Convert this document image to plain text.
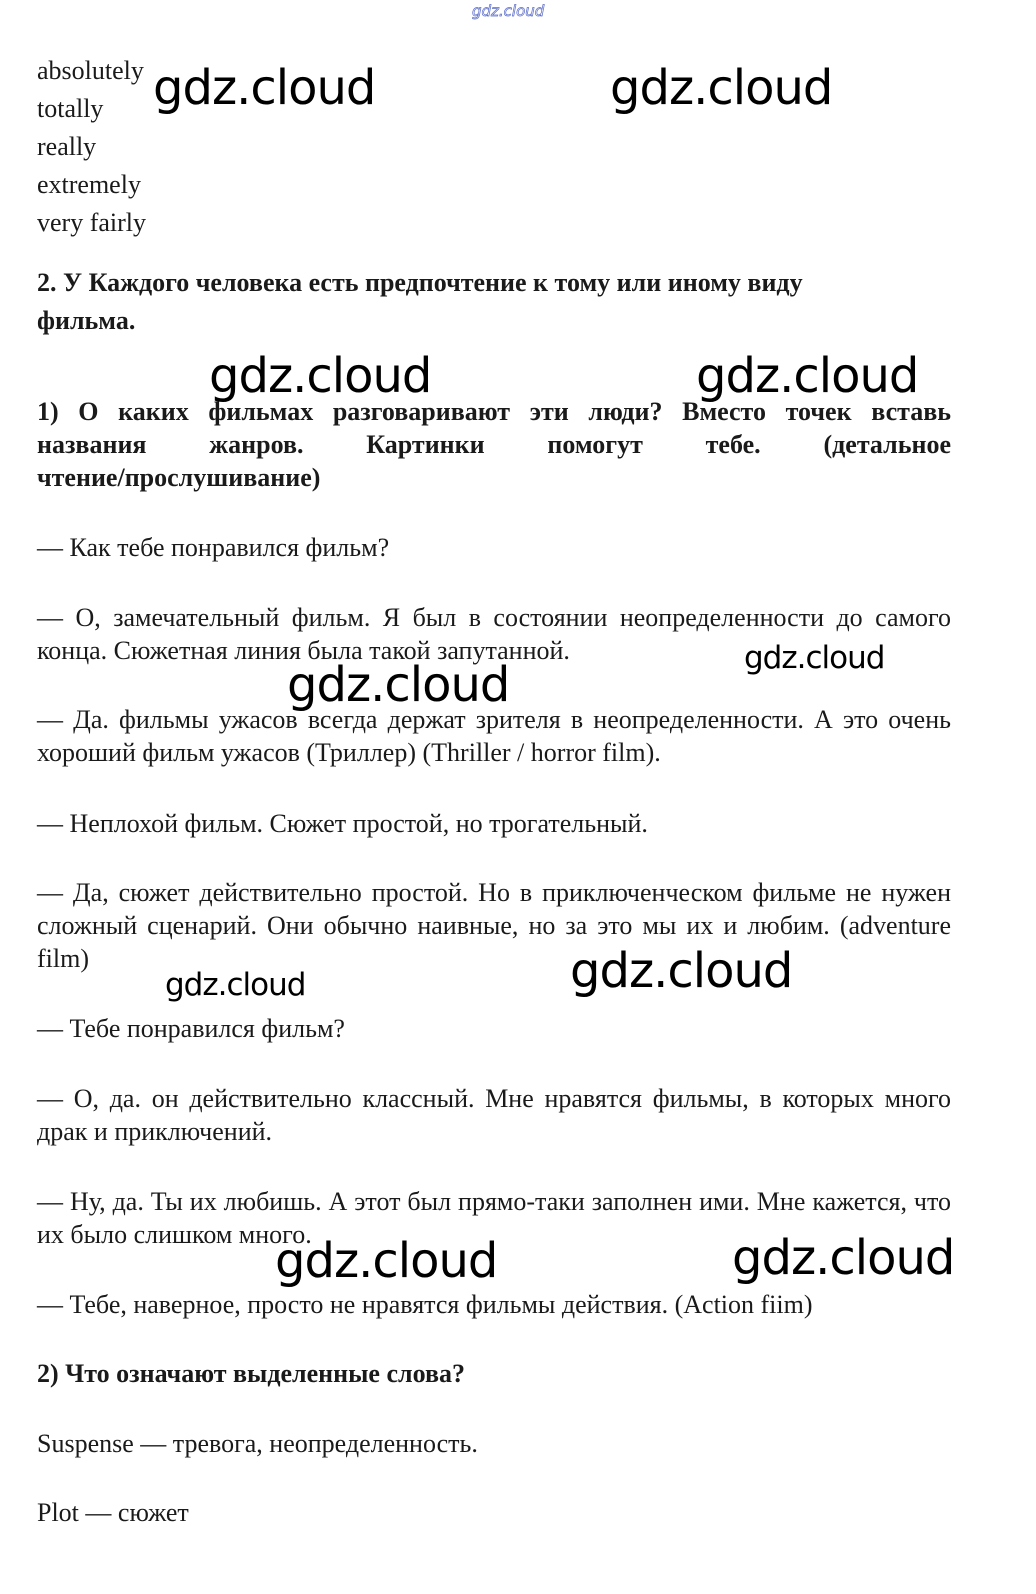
gdz.cloud
absolutely
totally
really
extremely
very fairly
2. У Каждого человека есть предпочтение к тому или иному виду
фильма.
1) О каких фильмах разговаривают эти люди? Вместо точек вставь
названия жанров. Картинки помогут тебе. (детальное
чтение/прослушивание)
— Как тебе понравился фильм?
— О, замечательный фильм. Я был в состоянии неопределенности до самого конца. Сюжетная линия была такой запутанной.
— Да. фильмы ужасов всегда держат зрителя в неопределенности. А это очень хороший фильм ужасов (Триллер) (Thriller / horror film).
— Неплохой фильм. Сюжет простой, но трогательный.
— Да, сюжет действительно простой. Но в приключенческом фильме не нужен сложный сценарий. Они обычно наивные, но за это мы их и любим. (adventure film)
— Тебе понравился фильм?
— О, да. он действительно классный. Мне нравятся фильмы, в которых много драк и приключений.
— Ну, да. Ты их любишь. А этот был прямо-таки заполнен ими. Мне кажется, что их было слишком много.
— Тебе, наверное, просто не нравятся фильмы действия. (Action fiim)
2) Что означают выделенные слова?
Suspense — тревога, неопределенность.
Plot — сюжет
gdz.cloud	gdz.cloud
gdz.cloud	gdz.cloud
gdz.cloud
gdz.cloud
gdz.cloud
gdz.cloud
gdz.cloud	gdz.cloud
